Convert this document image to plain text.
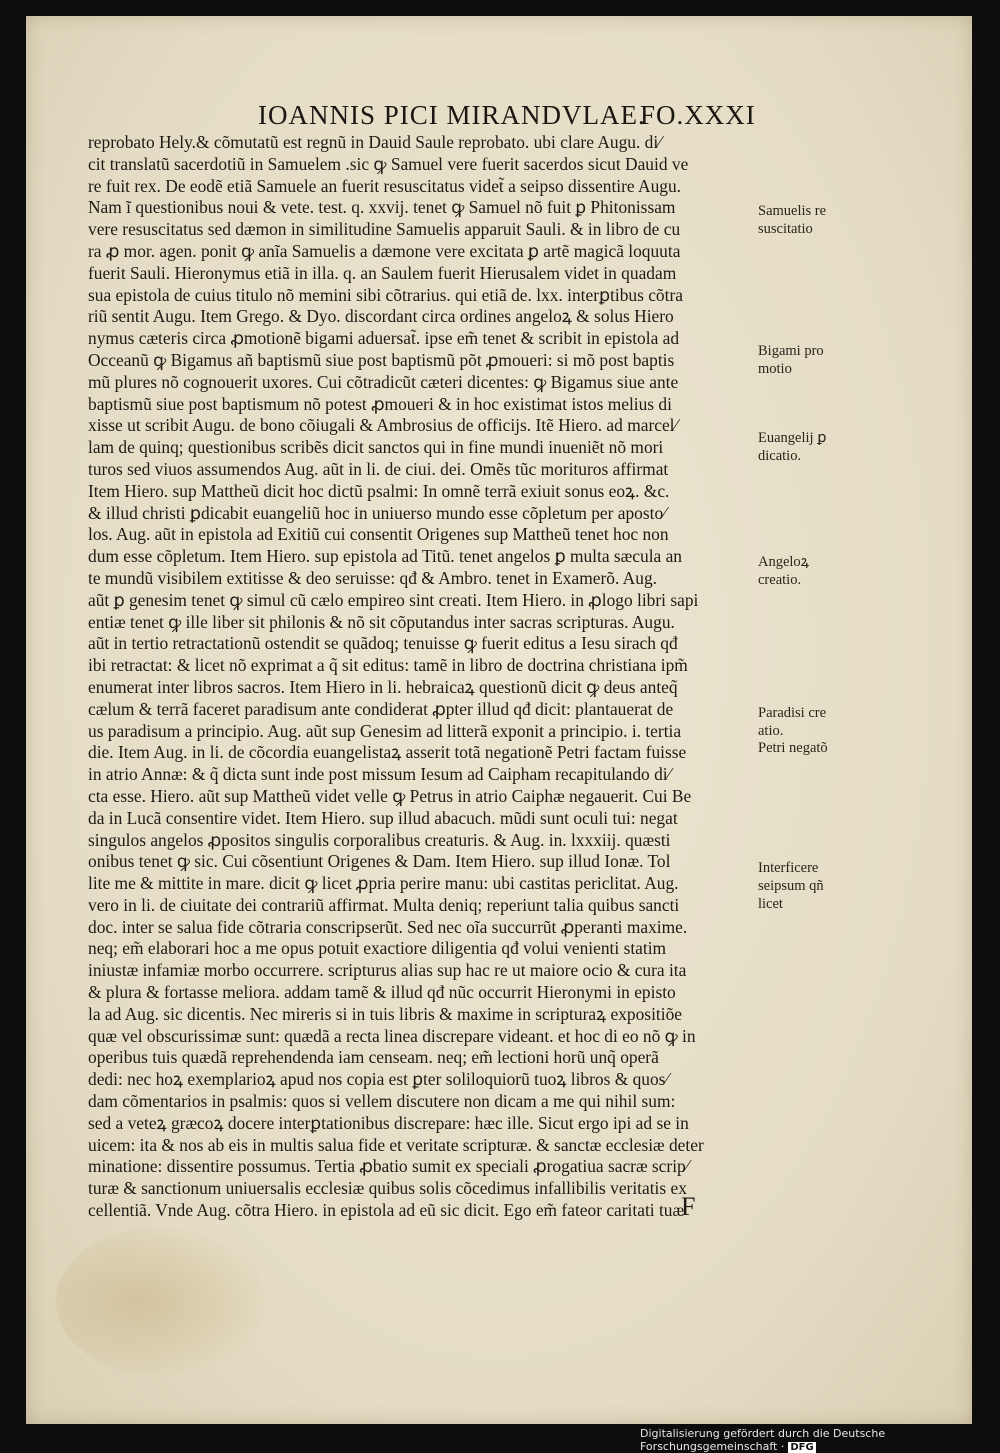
IOANNIS PICI MIRANDVLAE.
FO.XXXI
reprobato Hely.& cõmutatũ est regnũ in Dauid Saule reprobato. ubi clare Augu. di⁄
cit translatũ sacerdotiũ in Samuelem .sic ꝙ Samuel vere fuerit sacerdos sicut Dauid ve
re fuit rex. De eodẽ etiã Samuele an fuerit resuscitatus videt̃ a seipso dissentire Augu.
Nam ĩ questionibus noui & vete. test. q. xxvij. tenet ꝙ Samuel nõ fuit ꝑ Phitonissam
vere resuscitatus sed dæmon in similitudine Samuelis apparuit Sauli. & in libro de cu
ra ꝓ mor. agen. ponit ꝙ anĩa Samuelis a dæmone vere excitata ꝑ artẽ magicã loquuta
fuerit Sauli. Hieronymus etiã in illa. q. an Saulem fuerit Hierusalem videt in quadam
sua epistola de cuius titulo nõ memini sibi cõtrarius. qui etiã de. lxx. interꝑtibus cõtra
riũ sentit Augu. Item Grego. & Dyo. discordant circa ordines angeloꝝ & solus Hiero
nymus cæteris circa ꝓmotionẽ bigami aduersat̃. ipse em̃ tenet & scribit in epistola ad
Occeanũ ꝙ Bigamus añ baptismũ siue post baptismũ põt ꝓmoueri: si mõ post baptis
mũ plures nõ cognouerit uxores. Cui cõtradicũt cæteri dicentes: ꝙ Bigamus siue ante
baptismũ siue post baptismum nõ potest ꝓmoueri & in hoc existimat istos melius di
xisse ut scribit Augu. de bono cõiugali & Ambrosius de officijs. Itẽ Hiero. ad marcel⁄
lam de quinq; questionibus scribẽs dicit sanctos qui in fine mundi inueniẽt nõ mori
turos sed viuos assumendos Aug. aũt in li. de ciui. dei. Omẽs tũc morituros affirmat
Item Hiero. sup Mattheũ dicit hoc dictũ psalmi: In omnẽ terrã exiuit sonus eoꝝ. &c.
& illud christi ꝑdicabit euangeliũ hoc in uniuerso mundo esse cõpletum per aposto⁄
los. Aug. aũt in epistola ad Exitiũ cui consentit Origenes sup Mattheũ tenet hoc non
dum esse cõpletum. Item Hiero. sup epistola ad Titũ. tenet angelos ꝑ multa sæcula an
te mundũ visibilem extitisse & deo seruisse: qđ & Ambro. tenet in Examerõ. Aug.
aũt ꝑ genesim tenet ꝙ simul cũ cælo empireo sint creati. Item Hiero. in ꝓlogo libri sapi
entiæ tenet ꝙ ille liber sit philonis & nõ sit cõputandus inter sacras scripturas. Augu.
aũt in tertio retractationũ ostendit se quãdoq; tenuisse ꝙ fuerit editus a Iesu sirach qđ
ibi retractat: & licet nõ exprimat a q̃ sit editus: tamẽ in libro de doctrina christiana ipm̃
enumerat inter libros sacros. Item Hiero in li. hebraicaꝝ questionũ dicit ꝙ deus anteq̃
cælum & terrã faceret paradisum ante condiderat ꝓpter illud qđ dicit: plantauerat de
us paradisum a principio. Aug. aũt sup Genesim ad litterã exponit a principio. i. tertia
die. Item Aug. in li. de cõcordia euangelistaꝝ asserit totã negationẽ Petri factam fuisse
in atrio Annæ: & q̃ dicta sunt inde post missum Iesum ad Caipham recapitulando di⁄
cta esse. Hiero. aũt sup Mattheũ videt velle ꝙ Petrus in atrio Caiphæ negauerit. Cui Be
da in Lucã consentire videt. Item Hiero. sup illud abacuch. mũdi sunt oculi tui: negat
singulos angelos ꝓpositos singulis corporalibus creaturis. & Aug. in. lxxxiij. quæsti
onibus tenet ꝙ sic. Cui cõsentiunt Origenes & Dam. Item Hiero. sup illud Ionæ. Tol
lite me & mittite in mare. dicit ꝙ licet ꝓpria perire manu: ubi castitas periclitat. Aug.
vero in li. de ciuitate dei contrariũ affirmat. Multa deniq; reperiunt talia quibus sancti
doc. inter se salua fide cõtraria conscripserũt. Sed nec oĩa succurrũt ꝓperanti maxime.
neq; em̃ elaborari hoc a me opus potuit exactiore diligentia qđ volui venienti statim
iniustæ infamiæ morbo occurrere. scripturus alias sup hac re ut maiore ocio & cura ita
& plura & fortasse meliora. addam tamẽ & illud qđ nũc occurrit Hieronymi in episto
la ad Aug. sic dicentis. Nec mireris si in tuis libris & maxime in scripturaꝝ expositiõe
quæ vel obscurissimæ sunt: quædã a recta linea discrepare videant. et hoc di eo nõ ꝙ in
operibus tuis quædã reprehendenda iam censeam. neq; em̃ lectioni horũ unq̃ operã
dedi: nec hoꝝ exemplarioꝝ apud nos copia est ꝑter soliloquiorũ tuoꝝ libros & quos⁄
dam cõmentarios in psalmis: quos si vellem discutere non dicam a me qui nihil sum:
sed a veteꝝ græcoꝝ docere interꝑtationibus discrepare: hæc ille. Sicut ergo ipi ad se in
uicem: ita & nos ab eis in multis salua fide et veritate scripturæ. & sanctæ ecclesiæ deter
minatione: dissentire possumus. Tertia ꝓbatio sumit ex speciali ꝓrogatiua sacræ scrip⁄
turæ & sanctionum uniuersalis ecclesiæ quibus solis cõcedimus infallibilis veritatis ex
cellentiã. Vnde Aug. cõtra Hiero. in epistola ad eũ sic dicit. Ego em̃ fateor caritati tuæ
Samuelis re
suscitatio
Bigami pro
motio
Euangelij ꝑ
dicatio.
Angeloꝝ
creatio.
Paradisi cre
atio.
Petri negatõ
Interficere
seipsum qñ
licet
F
Digitalisierung gefördert durch die Deutsche Forschungsgemeinschaft · DFG
